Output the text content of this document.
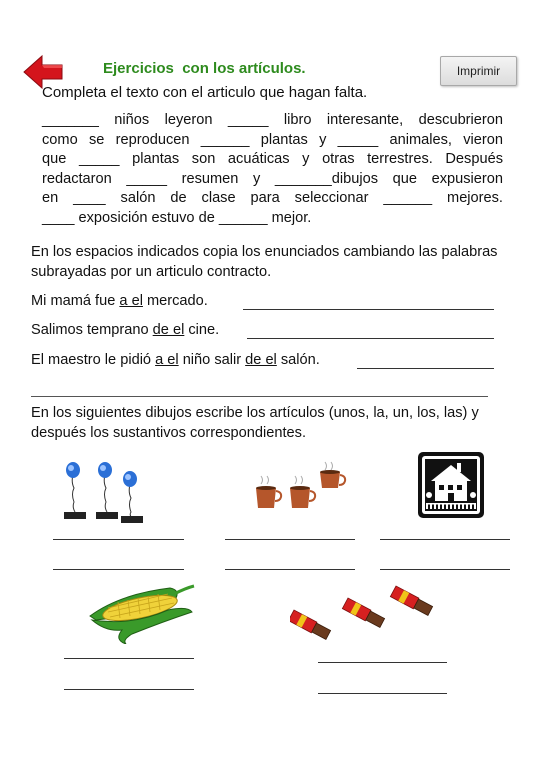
Ejercicios  con los artículos.	Imprimir
Completa el texto con el articulo que hagan falta.
_______ niños leyeron _____ libro interesante, descubrieron
como se reproducen ______ plantas y _____ animales, vieron
que _____ plantas son acuáticas y otras terrestres. Después
redactaron _____ resumen y _______dibujos que expusieron
en ____ salón de clase para seleccionar ______ mejores.
____ exposición estuvo de ______ mejor.
En los espacios indicados copia los enunciados cambiando las palabras subrayadas por un articulo contracto.
Mi mamá fue a el mercado.
Salimos temprano de el cine.
El maestro le pidió a el niño salir de el salón.
En los siguientes dibujos escribe los artículos (unos, la, un, los, las) y después los sustantivos correspondientes.
